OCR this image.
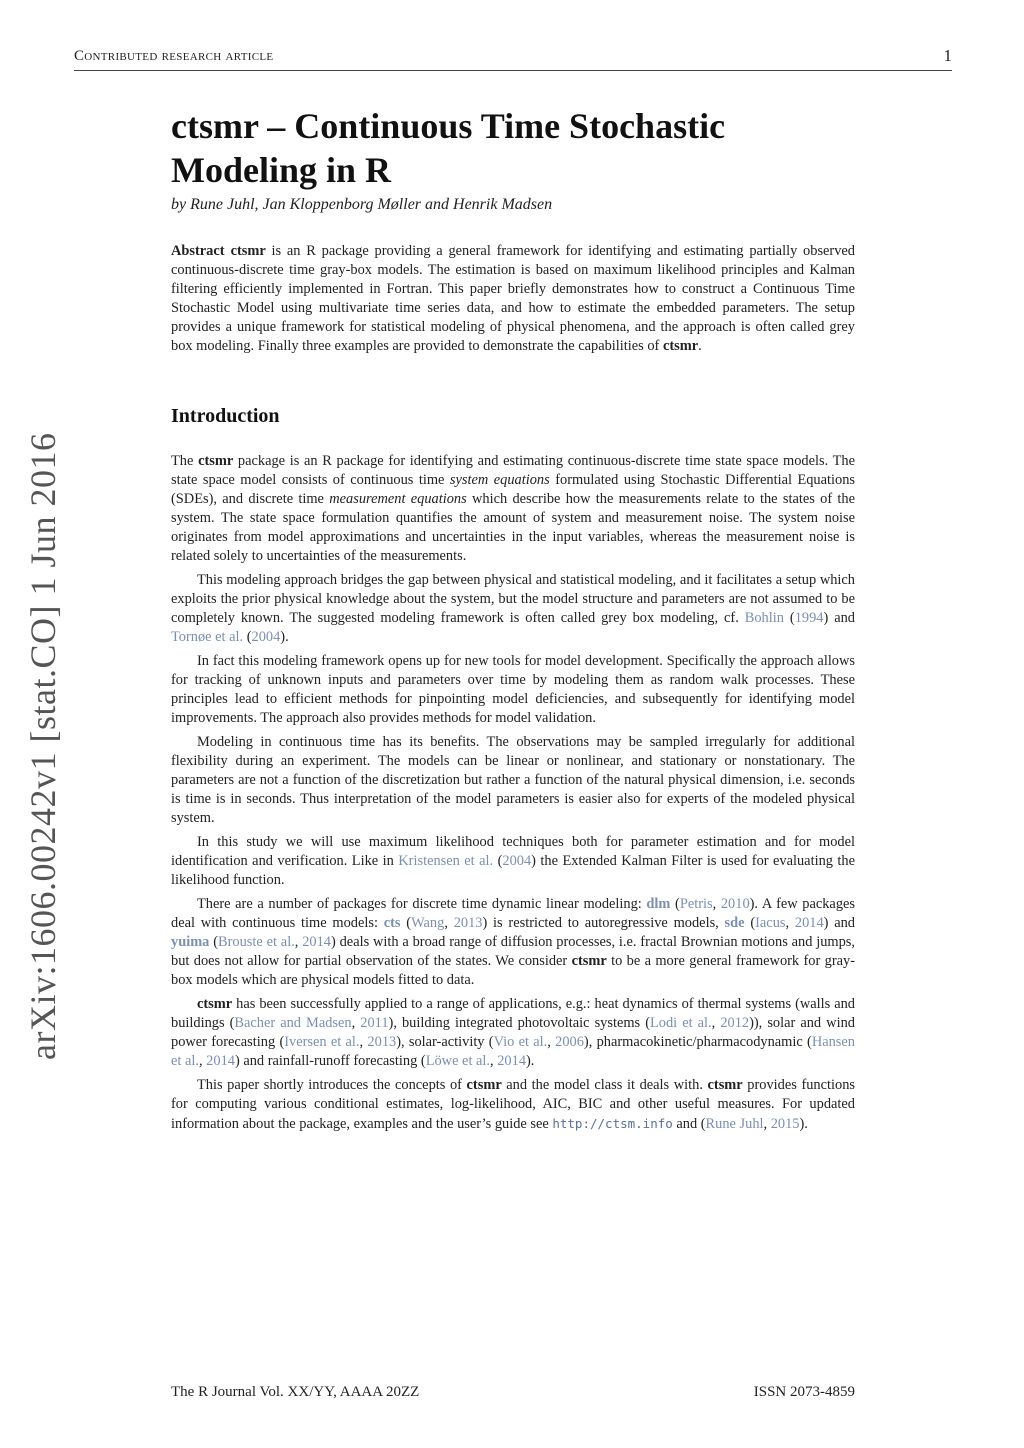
Contributed research article	1
arXiv:1606.00242v1 [stat.CO] 1 Jun 2016
ctsmr – Continuous Time Stochastic Modeling in R
by Rune Juhl, Jan Kloppenborg Møller and Henrik Madsen

Abstract ctsmr is an R package providing a general framework for identifying and estimating partially observed continuous-discrete time gray-box models. The estimation is based on maximum likelihood principles and Kalman filtering efficiently implemented in Fortran. This paper briefly demonstrates how to construct a Continuous Time Stochastic Model using multivariate time series data, and how to estimate the embedded parameters. The setup provides a unique framework for statistical modeling of physical phenomena, and the approach is often called grey box modeling. Finally three examples are provided to demonstrate the capabilities of ctsmr.

Introduction

The ctsmr package is an R package for identifying and estimating continuous-discrete time state space models. The state space model consists of continuous time system equations formulated using Stochastic Differential Equations (SDEs), and discrete time measurement equations which describe how the measurements relate to the states of the system. The state space formulation quantifies the amount of system and measurement noise. The system noise originates from model approximations and uncertainties in the input variables, whereas the measurement noise is related solely to uncertainties of the measurements.

This modeling approach bridges the gap between physical and statistical modeling, and it facilitates a setup which exploits the prior physical knowledge about the system, but the model structure and parameters are not assumed to be completely known. The suggested modeling framework is often called grey box modeling, cf. Bohlin (1994) and Tornøe et al. (2004).

In fact this modeling framework opens up for new tools for model development. Specifically the approach allows for tracking of unknown inputs and parameters over time by modeling them as random walk processes. These principles lead to efficient methods for pinpointing model deficiencies, and subsequently for identifying model improvements. The approach also provides methods for model validation.

Modeling in continuous time has its benefits. The observations may be sampled irregularly for additional flexibility during an experiment. The models can be linear or nonlinear, and stationary or nonstationary. The parameters are not a function of the discretization but rather a function of the natural physical dimension, i.e. seconds is time is in seconds. Thus interpretation of the model parameters is easier also for experts of the modeled physical system.

In this study we will use maximum likelihood techniques both for parameter estimation and for model identification and verification. Like in Kristensen et al. (2004) the Extended Kalman Filter is used for evaluating the likelihood function.

There are a number of packages for discrete time dynamic linear modeling: dlm (Petris, 2010). A few packages deal with continuous time models: cts (Wang, 2013) is restricted to autoregressive models, sde (Iacus, 2014) and yuima (Brouste et al., 2014) deals with a broad range of diffusion processes, i.e. fractal Brownian motions and jumps, but does not allow for partial observation of the states. We consider ctsmr to be a more general framework for gray-box models which are physical models fitted to data.

ctsmr has been successfully applied to a range of applications, e.g.: heat dynamics of thermal systems (walls and buildings (Bacher and Madsen, 2011), building integrated photovoltaic systems (Lodi et al., 2012)), solar and wind power forecasting (Iversen et al., 2013), solar-activity (Vio et al., 2006), pharmacokinetic/pharmacodynamic (Hansen et al., 2014) and rainfall-runoff forecasting (Löwe et al., 2014).

This paper shortly introduces the concepts of ctsmr and the model class it deals with. ctsmr provides functions for computing various conditional estimates, log-likelihood, AIC, BIC and other useful measures. For updated information about the package, examples and the user’s guide see http://ctsm.info and (Rune Juhl, 2015).

The R Journal Vol. XX/YY, AAAA 20ZZ	ISSN 2073-4859
